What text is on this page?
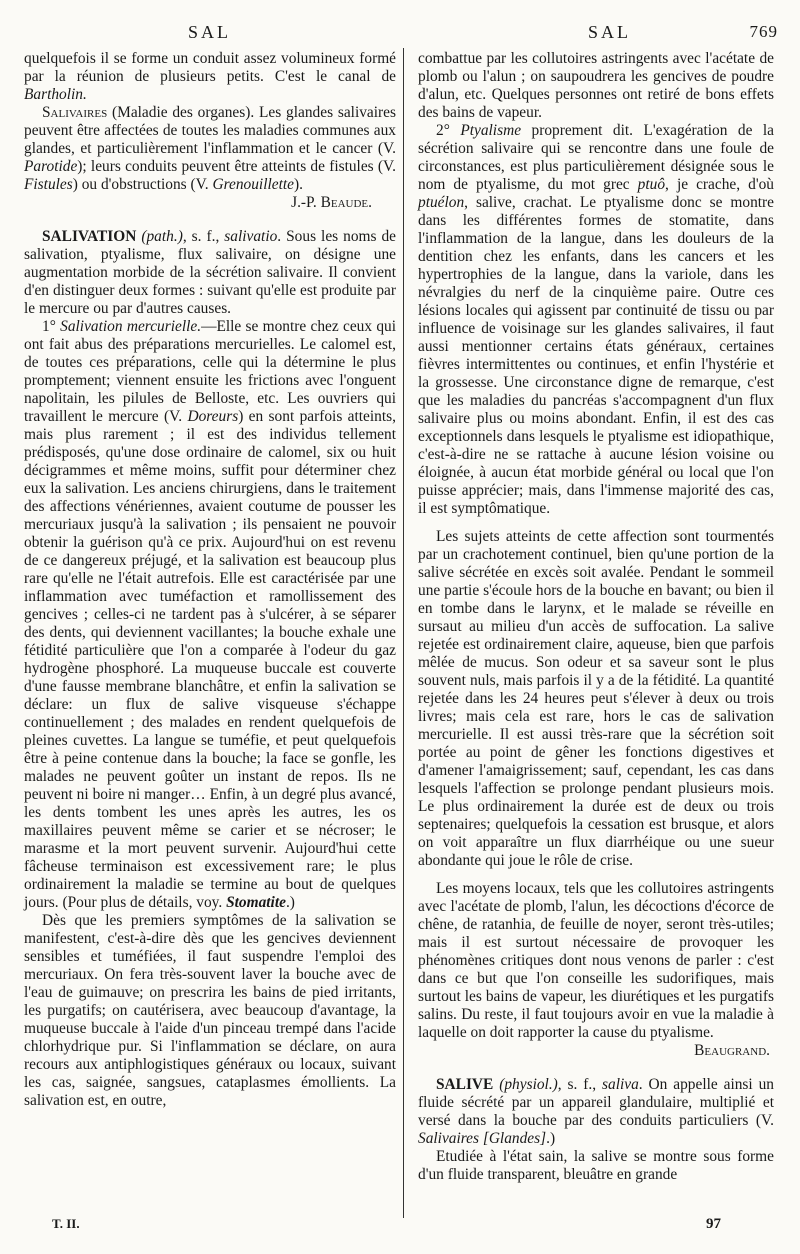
SAL	SAL	769

quelquefois il se forme un conduit assez volumineux formé par la réunion de plusieurs petits. C'est le canal de Bartholin.

Salivaires (Maladie des organes). Les glandes salivaires peuvent être affectées de toutes les maladies communes aux glandes, et particulièrement l'inflammation et le cancer (V. Parotide); leurs conduits peuvent être atteints de fistules (V. Fistules) ou d'obstructions (V. Grenouillette).

J.-P. Beaude.

SALIVATION (path.), s. f., salivatio. Sous les noms de salivation, ptyalisme, flux salivaire, on désigne une augmentation morbide de la sécrétion salivaire. Il convient d'en distinguer deux formes : suivant qu'elle est produite par le mercure ou par d'autres causes.

1° Salivation mercurielle.—Elle se montre chez ceux qui ont fait abus des préparations mercurielles. Le calomel est, de toutes ces préparations, celle qui la détermine le plus promptement; viennent ensuite les frictions avec l'onguent napolitain, les pilules de Belloste, etc. Les ouvriers qui travaillent le mercure (V. Doreurs) en sont parfois atteints, mais plus rarement ; il est des individus tellement prédisposés, qu'une dose ordinaire de calomel, six ou huit décigrammes et même moins, suffit pour déterminer chez eux la salivation. Les anciens chirurgiens, dans le traitement des affections vénériennes, avaient coutume de pousser les mercuriaux jusqu'à la salivation ; ils pensaient ne pouvoir obtenir la guérison qu'à ce prix. Aujourd'hui on est revenu de ce dangereux préjugé, et la salivation est beaucoup plus rare qu'elle ne l'était autrefois. Elle est caractérisée par une inflammation avec tuméfaction et ramollissement des gencives ; celles-ci ne tardent pas à s'ulcérer, à se séparer des dents, qui deviennent vacillantes; la bouche exhale une fétidité particulière que l'on a comparée à l'odeur du gaz hydrogène phosphoré. La muqueuse buccale est couverte d'une fausse membrane blanchâtre, et enfin la salivation se déclare: un flux de salive visqueuse s'échappe continuellement ; des malades en rendent quelquefois de pleines cuvettes. La langue se tuméfie, et peut quelquefois être à peine contenue dans la bouche; la face se gonfle, les malades ne peuvent goûter un instant de repos. Ils ne peuvent ni boire ni manger… Enfin, à un degré plus avancé, les dents tombent les unes après les autres, les os maxillaires peuvent même se carier et se nécroser; le marasme et la mort peuvent survenir. Aujourd'hui cette fâcheuse terminaison est excessivement rare; le plus ordinairement la maladie se termine au bout de quelques jours. (Pour plus de détails, voy. Stomatite.)

Dès que les premiers symptômes de la salivation se manifestent, c'est-à-dire dès que les gencives deviennent sensibles et tuméfiées, il faut suspendre l'emploi des mercuriaux. On fera très-souvent laver la bouche avec de l'eau de guimauve; on prescrira les bains de pied irritants, les purgatifs; on cautérisera, avec beaucoup d'avantage, la muqueuse buccale à l'aide d'un pinceau trempé dans l'acide chlorhydrique pur. Si l'inflammation se déclare, on aura recours aux antiphlogistiques généraux ou locaux, suivant les cas, saignée, sangsues, cataplasmes émollients. La salivation est, en outre,

combattue par les collutoires astringents avec l'acétate de plomb ou l'alun ; on saupoudrera les gencives de poudre d'alun, etc. Quelques personnes ont retiré de bons effets des bains de vapeur.

2° Ptyalisme proprement dit. L'exagération de la sécrétion salivaire qui se rencontre dans une foule de circonstances, est plus particulièrement désignée sous le nom de ptyalisme, du mot grec ptuô, je crache, d'où ptuélon, salive, crachat. Le ptyalisme donc se montre dans les différentes formes de stomatite, dans l'inflammation de la langue, dans les douleurs de la dentition chez les enfants, dans les cancers et les hypertrophies de la langue, dans la variole, dans les névralgies du nerf de la cinquième paire. Outre ces lésions locales qui agissent par continuité de tissu ou par influence de voisinage sur les glandes salivaires, il faut aussi mentionner certains états généraux, certaines fièvres intermittentes ou continues, et enfin l'hystérie et la grossesse. Une circonstance digne de remarque, c'est que les maladies du pancréas s'accompagnent d'un flux salivaire plus ou moins abondant. Enfin, il est des cas exceptionnels dans lesquels le ptyalisme est idiopathique, c'est-à-dire ne se rattache à aucune lésion voisine ou éloignée, à aucun état morbide général ou local que l'on puisse apprécier; mais, dans l'immense majorité des cas, il est symptômatique.

Les sujets atteints de cette affection sont tourmentés par un crachotement continuel, bien qu'une portion de la salive sécrétée en excès soit avalée. Pendant le sommeil une partie s'écoule hors de la bouche en bavant; ou bien il en tombe dans le larynx, et le malade se réveille en sursaut au milieu d'un accès de suffocation. La salive rejetée est ordinairement claire, aqueuse, bien que parfois mêlée de mucus. Son odeur et sa saveur sont le plus souvent nuls, mais parfois il y a de la fétidité. La quantité rejetée dans les 24 heures peut s'élever à deux ou trois livres; mais cela est rare, hors le cas de salivation mercurielle. Il est aussi très-rare que la sécrétion soit portée au point de gêner les fonctions digestives et d'amener l'amaigrissement; sauf, cependant, les cas dans lesquels l'affection se prolonge pendant plusieurs mois. Le plus ordinairement la durée est de deux ou trois septenaires; quelquefois la cessation est brusque, et alors on voit apparaître un flux diarrhéique ou une sueur abondante qui joue le rôle de crise.

Les moyens locaux, tels que les collutoires astringents avec l'acétate de plomb, l'alun, les décoctions d'écorce de chêne, de ratanhia, de feuille de noyer, seront très-utiles; mais il est surtout nécessaire de provoquer les phénomènes critiques dont nous venons de parler : c'est dans ce but que l'on conseille les sudorifiques, mais surtout les bains de vapeur, les diurétiques et les purgatifs salins. Du reste, il faut toujours avoir en vue la maladie à laquelle on doit rapporter la cause du ptyalisme.

Beaugrand.

SALIVE (physiol.), s. f., saliva. On appelle ainsi un fluide sécrété par un appareil glandulaire, multiplié et versé dans la bouche par des conduits particuliers (V. Salivaires [Glandes].)

Etudiée à l'état sain, la salive se montre sous forme d'un fluide transparent, bleuâtre en grande

T. II.	97
